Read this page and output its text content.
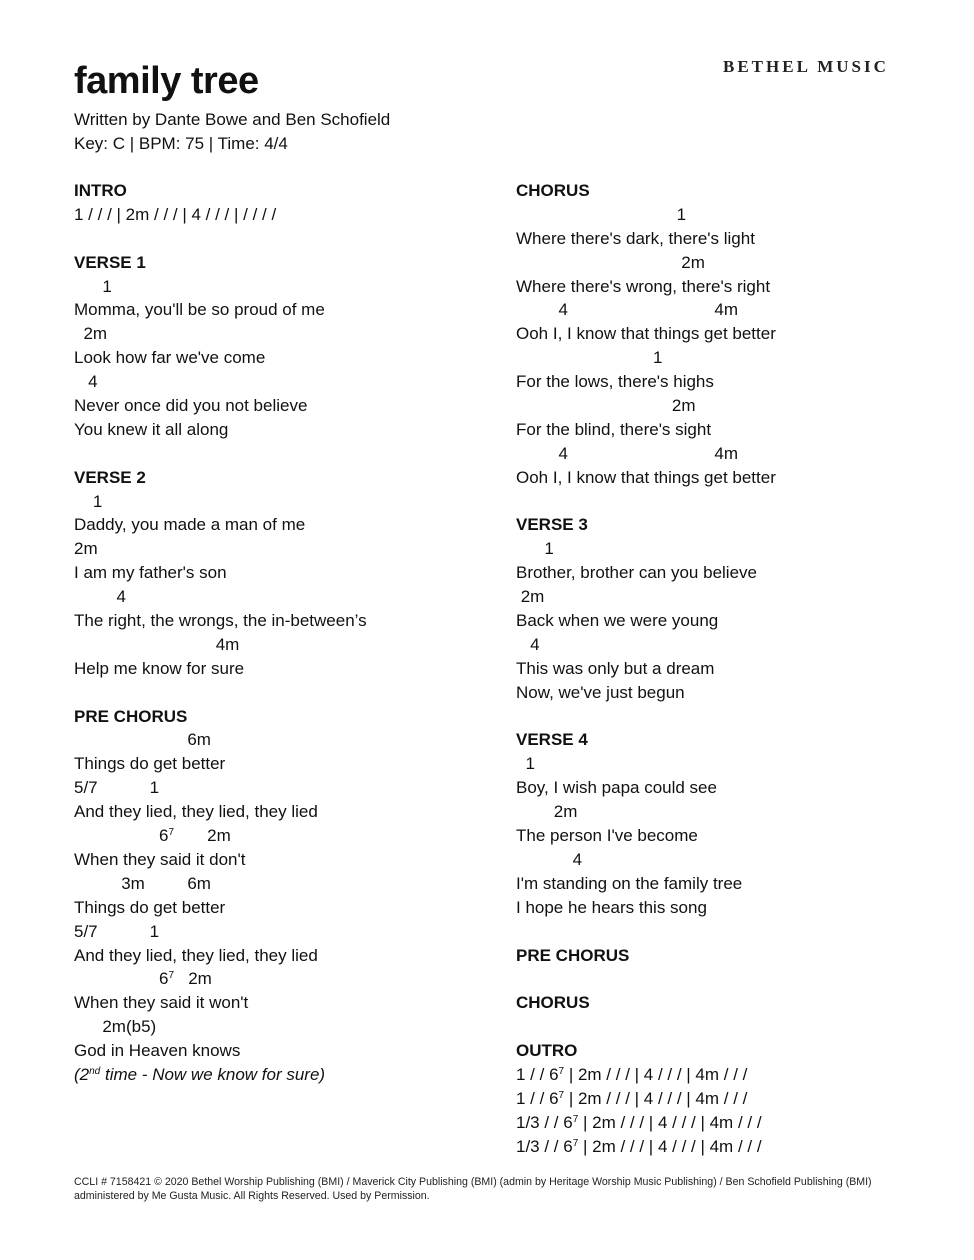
BETHEL MUSIC
family tree
Written by Dante Bowe and Ben Schofield
Key: C | BPM: 75 | Time: 4/4
INTRO
1 / / / | 2m / / / | 4 / / / | / / / /
VERSE 1
1
Momma, you'll be so proud of me
2m
Look how far we've come
4
Never once did you not believe
You knew it all along
VERSE 2
1
Daddy, you made a man of me
2m
I am my father's son
4
The right, the wrongs, the in-between’s
4m
Help me know for sure
PRE CHORUS
6m
Things do get better
5/7           1
And they lied, they lied, they lied
$6^7$       2m
When they said it don't
3m         6m
Things do get better
5/7           1
And they lied, they lied, they lied
$6^7$   2m
When they said it won't
2m(b5)
God in Heaven knows
(2nd time - Now we know for sure)
CHORUS
1
Where there's dark, there's light
2m
Where there's wrong, there's right
4                               4m
Ooh I, I know that things get better
1
For the lows, there's highs
2m
For the blind, there's sight
4                               4m
Ooh I, I know that things get better
VERSE 3
1
Brother, brother can you believe
2m
Back when we were young
4
This was only but a dream
Now, we've just begun
VERSE 4
1
Boy, I wish papa could see
2m
The person I've become
4
I'm standing on the family tree
I hope he hears this song
PRE CHORUS
CHORUS
OUTRO
1 / / $6^7$ | 2m / / / | 4 / / / | 4m / / /
1 / / $6^7$ | 2m / / / | 4 / / / | 4m / / /
1/3 / / $6^7$ | 2m / / / | 4 / / / | 4m / / /
1/3 / / $6^7$ | 2m / / / | 4 / / / | 4m / / /
CCLI # 7158421 © 2020 Bethel Worship Publishing (BMI) / Maverick City Publishing (BMI) (admin by Heritage Worship Music Publishing) / Ben Schofield Publishing (BMI) administered by Me Gusta Music. All Rights Reserved. Used by Permission.
